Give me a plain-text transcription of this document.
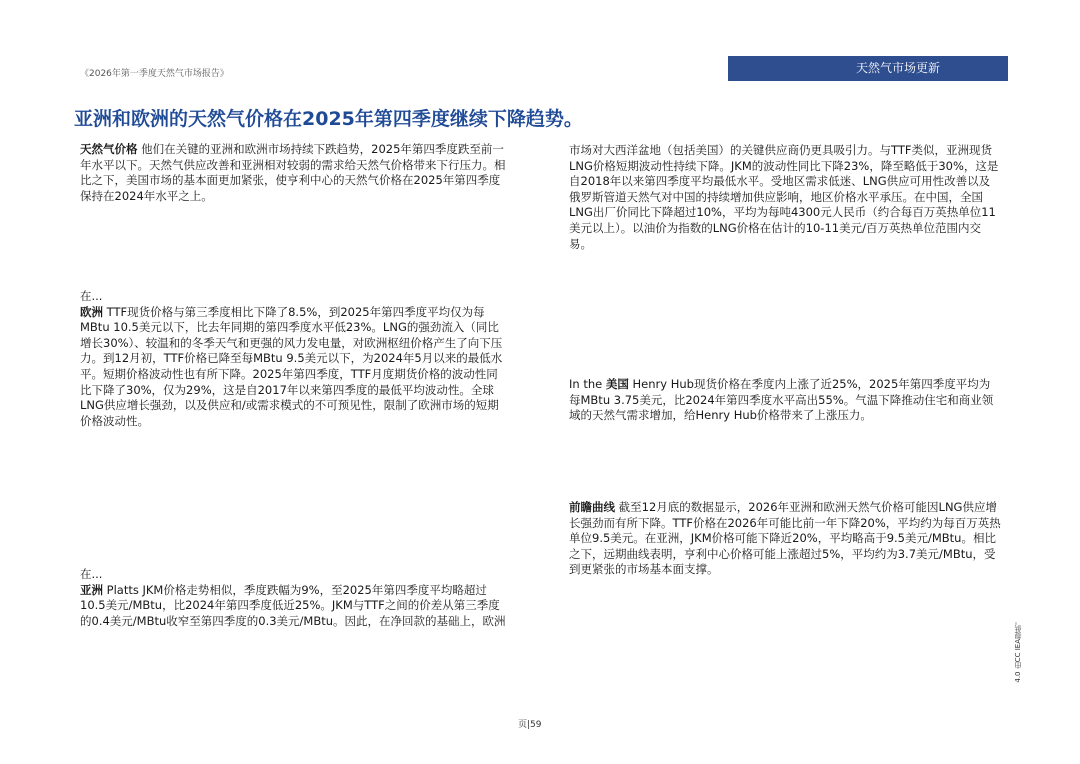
《2026年第一季度天然气市场报告》	天然气市场更新
亚洲和欧洲的天然气价格在2025年第四季度继续下降趋势。

天然气价格 他们在关键的亚洲和欧洲市场持续下跌趋势，2025年第四季度跌至前一年水平以下。天然气供应改善和亚洲相对较弱的需求给天然气价格带来下行压力。相比之下，美国市场的基本面更加紧张，使亨利中心的天然气价格在2025年第四季度保持在2024年水平之上。

在...
欧洲 TTF现货价格与第三季度相比下降了8.5%，到2025年第四季度平均仅为每MBtu 10.5美元以下，比去年同期的第四季度水平低23%。LNG的强劲流入（同比增长30%）、较温和的冬季天气和更强的风力发电量，对欧洲枢纽价格产生了向下压力。到12月初，TTF价格已降至每MBtu 9.5美元以下，为2024年5月以来的最低水平。短期价格波动性也有所下降。2025年第四季度，TTF月度期货价格的波动性同比下降了30%，仅为29%，这是自2017年以来第四季度的最低平均波动性。全球LNG供应增长强劲，以及供应和/或需求模式的不可预见性，限制了欧洲市场的短期价格波动性。

在...
亚洲 Platts JKM价格走势相似，季度跌幅为9%，至2025年第四季度平均略超过10.5美元/MBtu，比2024年第四季度低近25%。JKM与TTF之间的价差从第三季度的0.4美元/MBtu收窄至第四季度的0.3美元/MBtu。因此，在净回款的基础上，欧洲

市场对大西洋盆地（包括美国）的关键供应商仍更具吸引力。与TTF类似，亚洲现货LNG价格短期波动性持续下降。JKM的波动性同比下降23%，降至略低于30%，这是自2018年以来第四季度平均最低水平。受地区需求低迷、LNG供应可用性改善以及俄罗斯管道天然气对中国的持续增加供应影响，地区价格水平承压。在中国，全国LNG出厂价同比下降超过10%，平均为每吨4300元人民币（约合每百万英热单位11美元以上）。以油价为指数的LNG价格在估计的10-11美元/百万英热单位范围内交易。

In the 美国 Henry Hub现货价格在季度内上涨了近25%，2025年第四季度平均为每MBtu 3.75美元，比2024年第四季度水平高出55%。气温下降推动住宅和商业领域的天然气需求增加，给Henry Hub价格带来了上涨压力。

前瞻曲线 截至12月底的数据显示，2026年亚洲和欧洲天然气价格可能因LNG供应增长强劲而有所下降。TTF价格在2026年可能比前一年下降20%，平均约为每百万英热单位9.5美元。在亚洲，JKM价格可能下降近20%，平均略高于9.5美元/MBtu。相比之下，远期曲线表明，亨利中心价格可能上涨超过5%，平均约为3.7美元/MBtu，受到更紧张的市场基本面支撑。

页|59
4.0 由CC IEA提供。
